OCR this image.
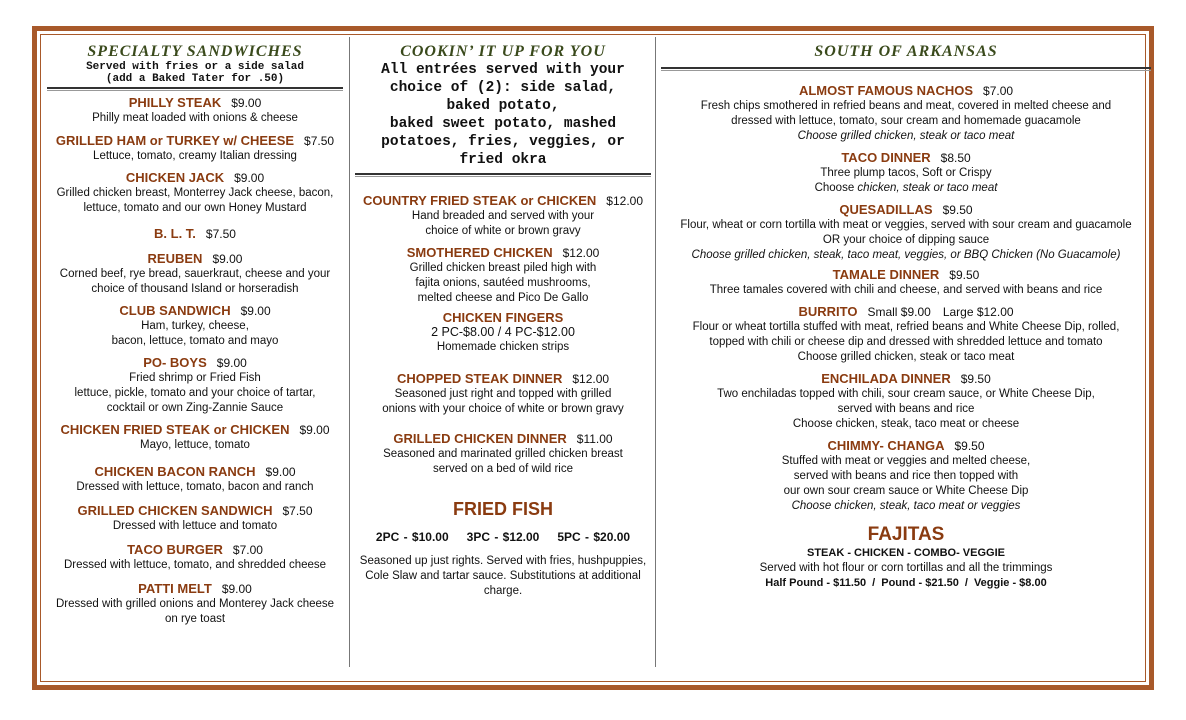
SPECIALTY SANDWICHES
Served with fries or a side salad
(add a Baked Tater for .50)
PHILLY STEAK $9.00
Philly meat loaded with onions & cheese
GRILLED HAM or TURKEY w/ CHEESE $7.50
Lettuce, tomato, creamy Italian dressing
CHICKEN JACK $9.00
Grilled chicken breast, Monterrey Jack cheese, bacon,
lettuce, tomato and our own Honey Mustard
B. L. T. $7.50
REUBEN $9.00
Corned beef, rye bread, sauerkraut, cheese and your
choice of thousand Island or horseradish
CLUB SANDWICH $9.00
Ham, turkey, cheese,
bacon, lettuce, tomato and mayo
PO- BOYS $9.00
Fried shrimp or Fried Fish
lettuce, pickle, tomato and your choice of tartar,
cocktail or own Zing-Zannie Sauce
CHICKEN FRIED STEAK or CHICKEN $9.00
Mayo, lettuce, tomato
CHICKEN BACON RANCH $9.00
Dressed with lettuce, tomato, bacon and ranch
GRILLED CHICKEN SANDWICH $7.50
Dressed with lettuce and tomato
TACO BURGER $7.00
Dressed with lettuce, tomato, and shredded cheese
PATTI MELT $9.00
Dressed with grilled onions and Monterey Jack cheese
on rye toast
COOKIN’ IT UP FOR YOU
All entrées served with your
choice of (2): side salad,
baked potato,
baked sweet potato, mashed
potatoes, fries, veggies, or
fried okra
COUNTRY FRIED STEAK or CHICKEN $12.00
Hand breaded and served with your
choice of white or brown gravy
SMOTHERED CHICKEN $12.00
Grilled chicken breast piled high with
fajita onions, sautéed mushrooms,
melted cheese and Pico De Gallo
CHICKEN FINGERS
2 PC-$8.00 / 4 PC-$12.00
Homemade chicken strips
CHOPPED STEAK DINNER $12.00
Seasoned just right and topped with grilled
onions with your choice of white or brown gravy
GRILLED CHICKEN DINNER $11.00
Seasoned and marinated grilled chicken breast
served on a bed of wild rice
FRIED FISH
2PC - $10.00 3PC - $12.00 5PC - $20.00
Seasoned up just rights. Served with fries, hushpuppies,
Cole Slaw and tartar sauce. Substitutions at additional
charge.
SOUTH OF ARKANSAS
ALMOST FAMOUS NACHOS $7.00
Fresh chips smothered in refried beans and meat, covered in melted cheese and
dressed with lettuce, tomato, sour cream and homemade guacamole
Choose grilled chicken, steak or taco meat
TACO DINNER $8.50
Three plump tacos, Soft or Crispy
Choose chicken, steak or taco meat
QUESADILLAS $9.50
Flour, wheat or corn tortilla with meat or veggies, served with sour cream and guacamole
OR your choice of dipping sauce
Choose grilled chicken, steak, taco meat, veggies, or BBQ Chicken (No Guacamole)
TAMALE DINNER $9.50
Three tamales covered with chili and cheese, and served with beans and rice
BURRITO Small $9.00 Large $12.00
Flour or wheat tortilla stuffed with meat, refried beans and White Cheese Dip, rolled,
topped with chili or cheese dip and dressed with shredded lettuce and tomato
Choose grilled chicken, steak or taco meat
ENCHILADA DINNER $9.50
Two enchiladas topped with chili, sour cream sauce, or White Cheese Dip,
served with beans and rice
Choose chicken, steak, taco meat or cheese
CHIMMY- CHANGA $9.50
Stuffed with meat or veggies and melted cheese,
served with beans and rice then topped with
our own sour cream sauce or White Cheese Dip
Choose chicken, steak, taco meat or veggies
FAJITAS
STEAK - CHICKEN - COMBO- VEGGIE
Served with hot flour or corn tortillas and all the trimmings
Half Pound - $11.50 / Pound - $21.50 / Veggie - $8.00
